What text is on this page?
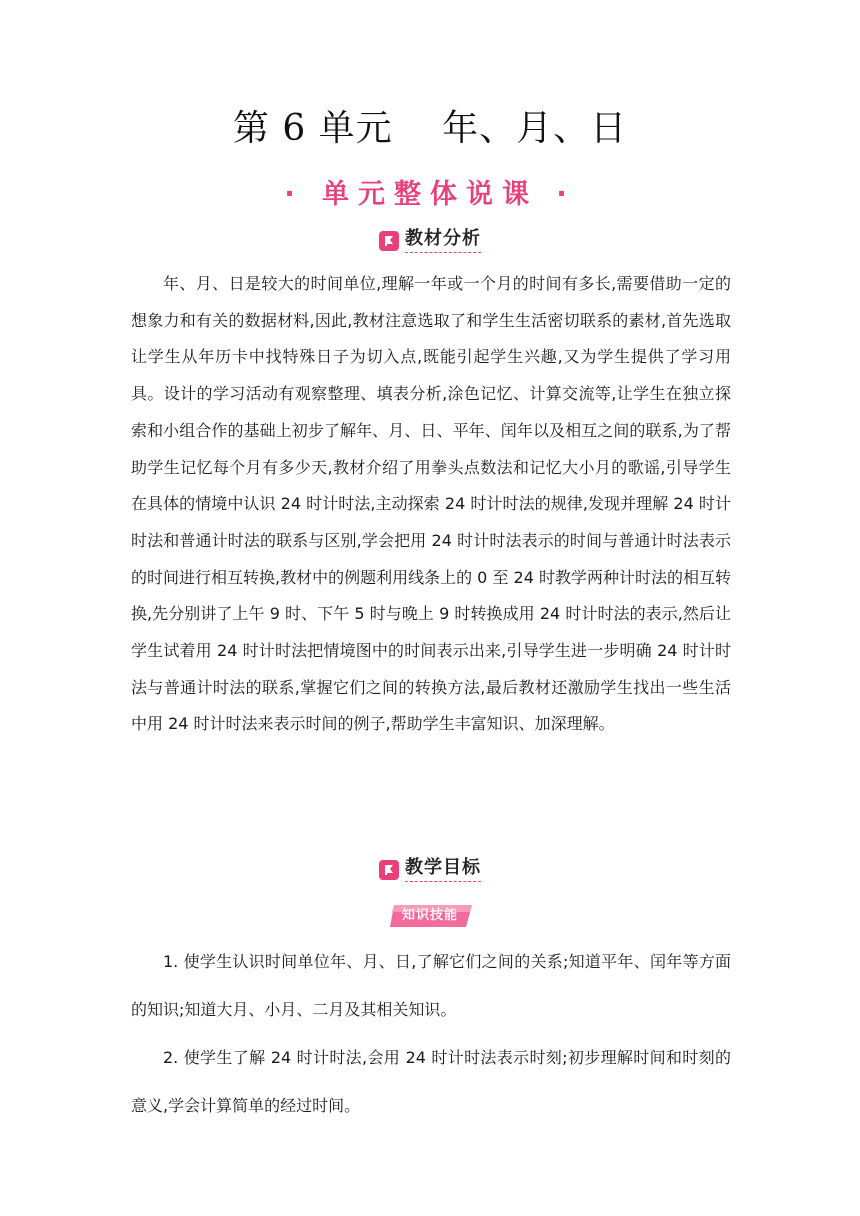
第 6 单元　 年、月、日
· 单元整体说课 ·
教材分析

年、月、日是较大的时间单位,理解一年或一个月的时间有多长,需要借助一定的想象力和有关的数据材料,因此,教材注意选取了和学生生活密切联系的素材,首先选取让学生从年历卡中找特殊日子为切入点,既能引起学生兴趣,又为学生提供了学习用具。设计的学习活动有观察整理、填表分析,涂色记忆、计算交流等,让学生在独立探索和小组合作的基础上初步了解年、月、日、平年、闰年以及相互之间的联系,为了帮助学生记忆每个月有多少天,教材介绍了用拳头点数法和记忆大小月的歌谣,引导学生在具体的情境中认识 24 时计时法,主动探索 24 时计时法的规律,发现并理解 24 时计时法和普通计时法的联系与区别,学会把用 24 时计时法表示的时间与普通计时法表示的时间进行相互转换,教材中的例题利用线条上的 0 至 24 时教学两种计时法的相互转换,先分别讲了上午 9 时、下午 5 时与晚上 9 时转换成用 24 时计时法的表示,然后让学生试着用 24 时计时法把情境图中的时间表示出来,引导学生进一步明确 24 时计时法与普通计时法的联系,掌握它们之间的转换方法,最后教材还激励学生找出一些生活中用 24 时计时法来表示时间的例子,帮助学生丰富知识、加深理解。

教学目标
知识技能

1. 使学生认识时间单位年、月、日,了解它们之间的关系;知道平年、闰年等方面的知识;知道大月、小月、二月及其相关知识。

2. 使学生了解 24 时计时法,会用 24 时计时法表示时刻;初步理解时间和时刻的意义,学会计算简单的经过时间。
